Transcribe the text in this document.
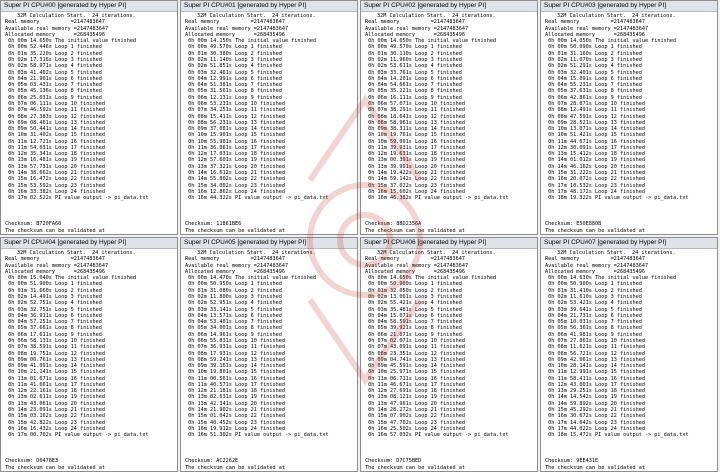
Super PI CPU#00 [generated by Hyper PI]
32M Calculation Start.  24 iterations.
Real memory          =2147483647
Available real memory =2147483647
Allocated memory      =268435496
0h 00m 14.650s The initial value finished
0h 00m 52.446s Loop 1 finished
0h 01m 35.220s Loop 2 finished
0h 02m 17.316s Loop 3 finished
0h 02m 58.971s Loop 4 finished
0h 03m 41.402s Loop 5 finished
0h 04m 21.901s Loop 6 finished
0h 05m 03.431s Loop 7 finished
0h 05m 45.136s Loop 8 finished
0h 06m 25.031s Loop 9 finished
0h 07m 06.111s Loop 10 finished
0h 07m 46.592s Loop 11 finished
0h 08m 27.383s Loop 12 finished
0h 09m 08.461s Loop 13 finished
0h 09m 50.441s Loop 14 finished
0h 10m 31.402s Loop 15 finished
0h 11m 12.721s Loop 16 finished
0h 11m 54.031s Loop 17 finished
0h 12m 35.341s Loop 18 finished
0h 13m 16.481s Loop 19 finished
0h 13m 57.731s Loop 20 finished
0h 14m 38.662s Loop 21 finished
0h 15m 16.472s Loop 22 finished
0h 15m 53.592s Loop 23 finished
0h 16m 33.382s Loop 24 finished
0h 17m 02.522s PI value output -> pi_data.txt

Checksum: B720FA60
The checksum can be validated at
Super PI CPU#01 [generated by Hyper PI]
32M Calculation Start.  24 iterations.
Real memory          =2147483647
Available real memory =2147483647
Allocated memory      =268435496
0h 00m 14.150s The initial value finished
0h 00m 49.570s Loop 1 finished
0h 01m 30.380s Loop 2 finished
0h 02m 11.140s Loop 3 finished
0h 02m 51.851s Loop 4 finished
0h 03m 32.461s Loop 5 finished
0h 04m 12.991s Loop 6 finished
0h 04m 51.381s Loop 7 finished
0h 05m 31.561s Loop 8 finished
0h 06m 12.131s Loop 9 finished
0h 06m 53.231s Loop 10 finished
0h 07m 34.251s Loop 11 finished
0h 08m 15.411s Loop 12 finished
0h 08m 56.231s Loop 13 finished
0h 09m 37.081s Loop 14 finished
0h 10m 15.901s Loop 15 finished
0h 10m 55.901s Loop 16 finished
0h 11m 36.061s Loop 17 finished
0h 12m 17.031s Loop 18 finished
0h 12m 57.601s Loop 19 finished
0h 13m 37.321s Loop 20 finished
0h 14m 16.612s Loop 21 finished
0h 14m 55.802s Loop 22 finished
0h 15m 34.002s Loop 23 finished
0h 16m 12.862s Loop 24 finished
0h 16m 44.322s PI value output -> pi_data.txt

Checksum: 11861BE6
The checksum can be validated at
Super PI CPU#02 [generated by Hyper PI]
32M Calculation Start.  24 iterations.
Real memory          =2147483647
Available real memory =2147483647
Allocated memory      =268435496
0h 00m 14.050s The initial value finished
0h 00m 49.570s Loop 1 finished
0h 01m 30.110s Loop 2 finished
0h 02m 11.960s Loop 3 finished
0h 02m 53.611s Loop 4 finished
0h 03m 33.761s Loop 5 finished
0h 04m 14.201s Loop 6 finished
0h 04m 54.661s Loop 7 finished
0h 05m 35.221s Loop 8 finished
0h 06m 16.111s Loop 9 finished
0h 06m 57.071s Loop 10 finished
0h 07m 38.291s Loop 11 finished
0h 08m 18.641s Loop 12 finished
0h 08m 58.961s Loop 13 finished
0h 09m 38.311s Loop 14 finished
0h 10m 19.761s Loop 15 finished
0h 10m 59.091s Loop 16 finished
0h 11m 39.931s Loop 17 finished
0h 12m 19.631s Loop 18 finished
0h 13m 00.391s Loop 19 finished
0h 13m 39.991s Loop 20 finished
0h 14m 19.422s Loop 21 finished
0h 14m 59.142s Loop 22 finished
0h 15m 37.022s Loop 23 finished
0h 16m 15.602s Loop 24 finished
0h 16m 46.382s PI value output -> pi_data.txt

Checksum: 8BD2356A
The checksum can be validated at
Super PI CPU#03 [generated by Hyper PI]
32M Calculation Start.  24 iterations.
Real memory          =2147483647
Available real memory =2147483647
Allocated memory      =268435496
0h 00m 14.050s The initial value finished
0h 00m 50.090s Loop 1 finished
0h 01m 31.160s Loop 2 finished
0h 02m 11.070s Loop 3 finished
0h 02m 51.291s Loop 4 finished
0h 03m 32.401s Loop 5 finished
0h 04m 15.091s Loop 6 finished
0h 04m 55.231s Loop 7 finished
0h 05m 37.631s Loop 8 finished
0h 06m 42.861s Loop 9 finished
0h 07m 28.071s Loop 10 finished
0h 08m 12.491s Loop 11 finished
0h 08m 47.591s Loop 12 finished
0h 09m 28.521s Loop 13 finished
0h 10m 13.071s Loop 14 finished
0h 10m 51.421s Loop 15 finished
0h 11m 44.671s Loop 16 finished
0h 12m 30.091s Loop 17 finished
0h 13m 15.412s Loop 18 finished
0h 14m 01.012s Loop 19 finished
0h 14m 46.162s Loop 20 finished
0h 15m 31.222s Loop 21 finished
0h 16m 20.072s Loop 22 finished
0h 17m 10.532s Loop 23 finished
0h 17m 48.172s Loop 24 finished
0h 18m 19.322s PI value output -> pi_data.txt

Checksum: E50E880B
The checksum can be validated at
Super PI CPU#04 [generated by Hyper PI]
32M Calculation Start.  24 iterations.
Real memory          =2147483647
Available real memory =2147483647
Allocated memory      =268435496
0h 00m 15.040s The initial value finished
0h 00m 51.900s Loop 1 finished
0h 01m 31.660s Loop 2 finished
0h 02m 14.491s Loop 3 finished
0h 02m 52.751s Loop 4 finished
0h 03m 32.751s Loop 5 finished
0h 04m 36.911s Loop 6 finished
0h 04m 57.251s Loop 7 finished
0h 05m 37.661s Loop 8 finished
0h 06m 17.611s Loop 9 finished
0h 06m 58.131s Loop 10 finished
0h 07m 38.591s Loop 11 finished
0h 08m 19.751s Loop 12 finished
0h 09m 00.761s Loop 13 finished
0h 09m 41.091s Loop 14 finished
0h 10m 21.141s Loop 15 finished
0h 11m 01.671s Loop 16 finished
0h 11m 41.661s Loop 17 finished
0h 12m 22.161s Loop 18 finished
0h 13m 02.611s Loop 19 finished
0h 13m 43.061s Loop 20 finished
0h 14m 23.091s Loop 21 finished
0h 15m 03.162s Loop 22 finished
0h 15m 42.822s Loop 23 finished
0h 16m 16.432s Loop 24 finished
0h 17m 00.702s PI value output -> pi_data.txt

Checksum: D0478E3
The checksum can be validated at
Super PI CPU#05 [generated by Hyper PI]
32M Calculation Start.  24 iterations.
Real memory          =2147483647
Available real memory =2147483647
Allocated memory      =268435496
0h 00m 14.470s The initial value finished
0h 00m 50.950s Loop 1 finished
0h 01m 31.080s Loop 2 finished
0h 02m 11.800s Loop 3 finished
0h 02m 52.951s Loop 4 finished
0h 03m 33.141s Loop 5 finished
0h 04m 13.571s Loop 6 finished
0h 04m 53.401s Loop 7 finished
0h 05m 34.001s Loop 8 finished
0h 06m 14.961s Loop 9 finished
0h 06m 55.831s Loop 10 finished
0h 07m 36.931s Loop 11 finished
0h 08m 17.931s Loop 12 finished
0h 08m 59.241s Loop 13 finished
0h 09m 39.161s Loop 14 finished
0h 10m 19.801s Loop 15 finished
0h 11m 00.561s Loop 16 finished
0h 11m 40.571s Loop 17 finished
0h 12m 21.181s Loop 18 finished
0h 13m 02.631s Loop 19 finished
0h 13m 42.341s Loop 20 finished
0h 14m 21.902s Loop 21 finished
0h 15m 01.042s Loop 22 finished
0h 15m 40.452s Loop 23 finished
0h 16m 19.912s Loop 24 finished
0h 16m 51.302s PI value output -> pi_data.txt

Checksum: AC2262E
The checksum can be validated at
Super PI CPU#06 [generated by Hyper PI]
32M Calculation Start.  24 iterations.
Real memory          =2147483647
Available real memory =2147483647
Allocated memory      =268435496
0h 00m 14.650s The initial value finished
0h 00m 50.900s Loop 1 finished
0h 01m 32.050s Loop 2 finished
0h 02m 13.061s Loop 3 finished
0h 02m 55.421s Loop 4 finished
0h 03m 35.481s Loop 5 finished
0h 04m 15.071s Loop 6 finished
0h 04m 58.591s Loop 7 finished
0h 05m 39.921s Loop 8 finished
0h 06m 21.071s Loop 9 finished
0h 07m 02.071s Loop 10 finished
0h 07m 43.091s Loop 11 finished
0h 08m 23.351s Loop 12 finished
0h 09m 04.741s Loop 13 finished
0h 09m 45.591s Loop 14 finished
0h 10m 25.971s Loop 15 finished
0h 11m 06.711s Loop 16 finished
0h 11m 46.671s Loop 17 finished
0h 12m 27.691s Loop 18 finished
0h 13m 08.121s Loop 19 finished
0h 13m 47.961s Loop 20 finished
0h 14m 28.272s Loop 21 finished
0h 15m 07.902s Loop 22 finished
0h 15m 47.702s Loop 23 finished
0h 16m 25.502s Loop 24 finished
0h 16m 57.032s PI value output -> pi_data.txt

Checksum: D7C75BED
The checksum can be validated at
Super PI CPU#07 [generated by Hyper PI]
32M Calculation Start.  24 iterations.
Real memory          =2147483647
Available real memory =2147483647
Allocated memory      =268435496
0h 00m 14.630s The initial value finished
0h 00m 50.900s Loop 1 finished
0h 01m 31.410s Loop 2 finished
0h 02m 11.610s Loop 3 finished
0h 02m 53.421s Loop 4 finished
0h 03m 39.641s Loop 5 finished
0h 04m 21.731s Loop 6 finished
0h 05m 10.031s Loop 7 finished
0h 05m 56.361s Loop 8 finished
0h 06m 41.981s Loop 9 finished
0h 07m 27.861s Loop 10 finished
0h 08m 11.621s Loop 11 finished
0h 08m 56.721s Loop 12 finished
0h 09m 42.061s Loop 13 finished
0h 10m 28.141s Loop 14 finished
0h 11m 12.991s Loop 15 finished
0h 11m 58.411s Loop 16 finished
0h 12m 43.001s Loop 17 finished
0h 13m 29.251s Loop 18 finished
0h 14m 14.542s Loop 19 finished
0h 14m 59.892s Loop 20 finished
0h 15m 45.292s Loop 21 finished
0h 16m 30.672s Loop 22 finished
0h 17m 14.642s Loop 23 finished
0h 17m 44.022s Loop 24 finished
0h 18m 15.472s PI value output -> pi_data.txt

Checksum: 9EE431E
The checksum can be validated at
